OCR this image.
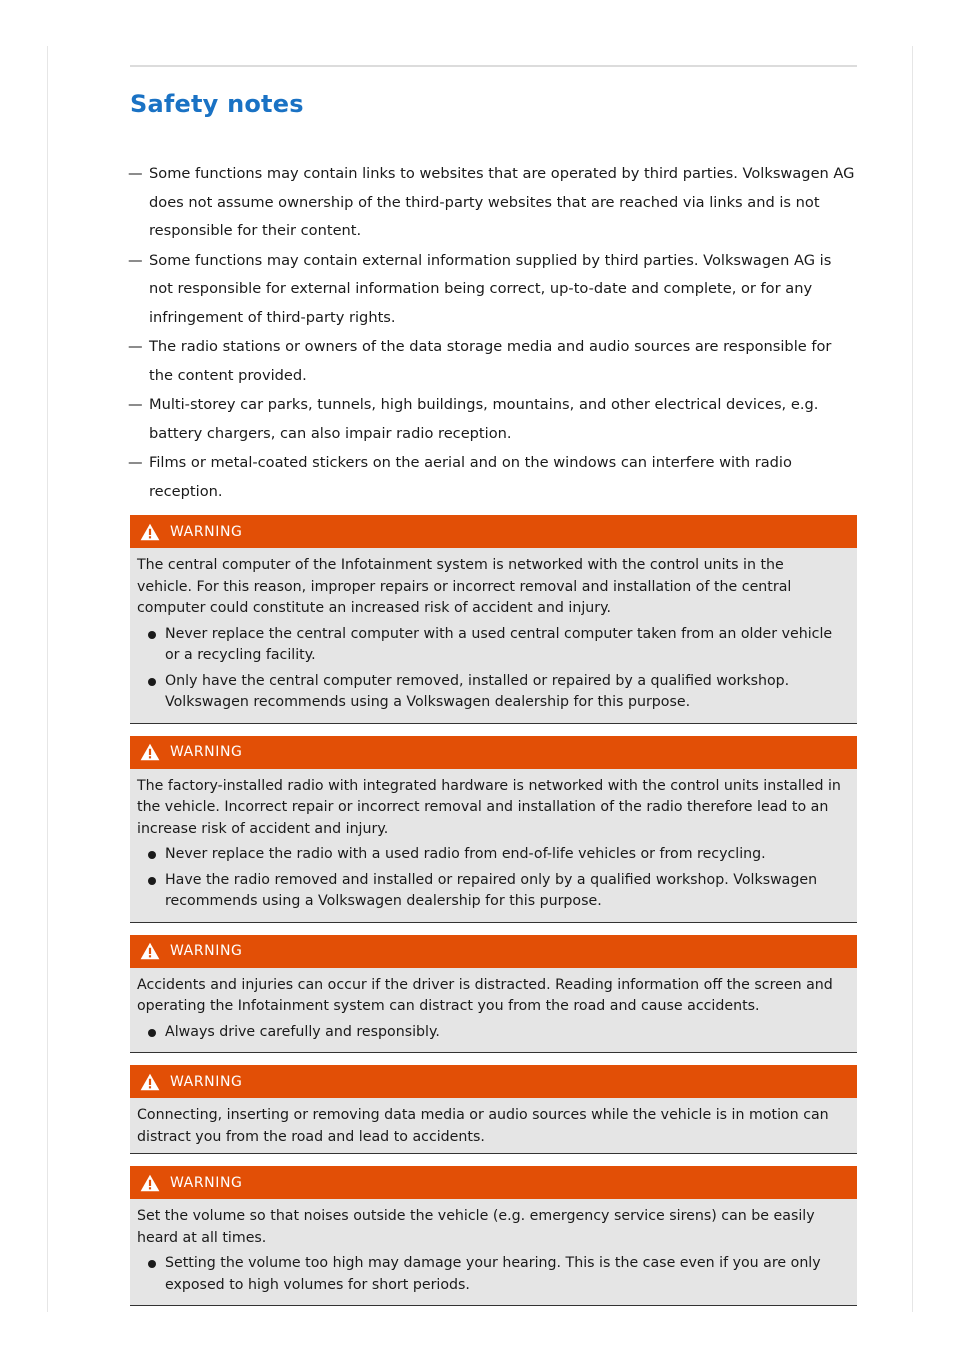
Safety notes
— Some functions may contain links to websites that are operated by third parties. Volkswagen AG does not assume ownership of the third-party websites that are reached via links and is not responsible for their content.
— Some functions may contain external information supplied by third parties. Volkswagen AG is not responsible for external information being correct, up-to-date and complete, or for any infringement of third-party rights.
— The radio stations or owners of the data storage media and audio sources are responsible for the content provided.
— Multi-storey car parks, tunnels, high buildings, mountains, and other electrical devices, e.g. battery chargers, can also impair radio reception.
— Films or metal-coated stickers on the aerial and on the windows can interfere with radio reception.
WARNING

The central computer of the Infotainment system is networked with the control units in the vehicle. For this reason, improper repairs or incorrect removal and installation of the central computer could constitute an increased risk of accident and injury.

Never replace the central computer with a used central computer taken from an older vehicle or a recycling facility.
Only have the central computer removed, installed or repaired by a qualified workshop. Volkswagen recommends using a Volkswagen dealership for this purpose.
WARNING

The factory-installed radio with integrated hardware is networked with the control units installed in the vehicle. Incorrect repair or incorrect removal and installation of the radio therefore lead to an increase risk of accident and injury.

Never replace the radio with a used radio from end-of-life vehicles or from recycling.
Have the radio removed and installed or repaired only by a qualified workshop. Volkswagen recommends using a Volkswagen dealership for this purpose.
WARNING

Accidents and injuries can occur if the driver is distracted. Reading information off the screen and operating the Infotainment system can distract you from the road and cause accidents.

Always drive carefully and responsibly.
WARNING

Connecting, inserting or removing data media or audio sources while the vehicle is in motion can distract you from the road and lead to accidents.

WARNING

Set the volume so that noises outside the vehicle (e.g. emergency service sirens) can be easily heard at all times.

Setting the volume too high may damage your hearing. This is the case even if you are only exposed to high volumes for short periods.
